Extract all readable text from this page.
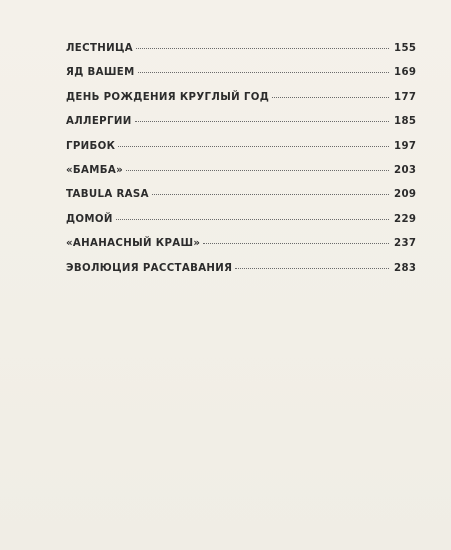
ЛЕСТНИЦА	155
ЯД ВАШЕМ	169
ДЕНЬ РОЖДЕНИЯ КРУГЛЫЙ ГОД	177
АЛЛЕРГИИ	185
ГРИБОК	197
«БАМБА»	203
TABULA RASA	209
ДОМОЙ	229
«АНАНАСНЫЙ КРАШ»	237
ЭВОЛЮЦИЯ РАССТАВАНИЯ	283
